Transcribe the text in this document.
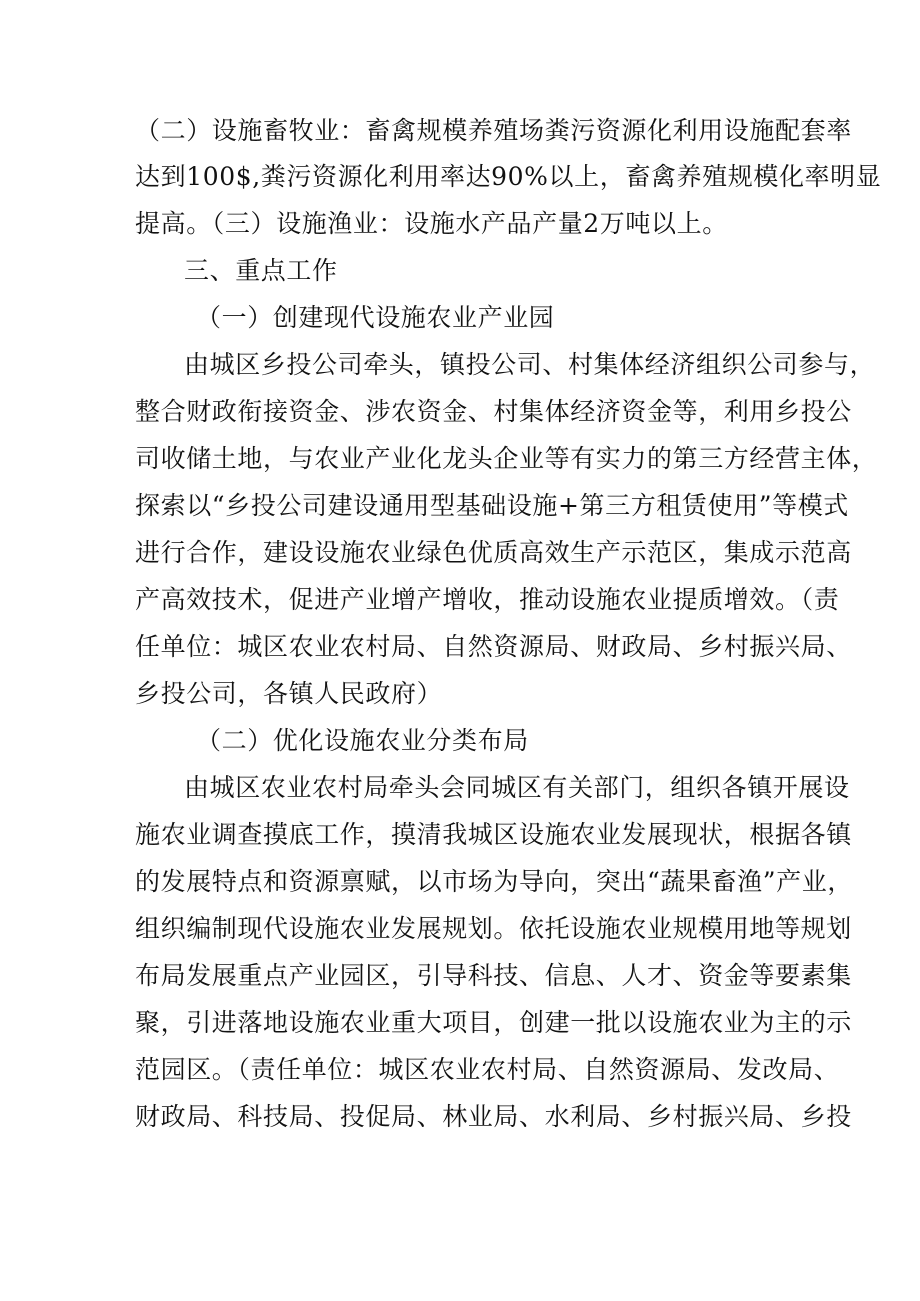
（二）设施畜牧业：畜禽规模养殖场粪污资源化利用设施配套率
达到100$,粪污资源化利用率达90%以上，畜禽养殖规模化率明显
提高。（三）设施渔业：设施水产品产量2万吨以上。
三、重点工作
（一）创建现代设施农业产业园
由城区乡投公司牵头，镇投公司、村集体经济组织公司参与，
整合财政衔接资金、涉农资金、村集体经济资金等，利用乡投公
司收储土地，与农业产业化龙头企业等有实力的第三方经营主体，
探索以“乡投公司建设通用型基础设施+第三方租赁使用”等模式
进行合作，建设设施农业绿色优质高效生产示范区，集成示范高
产高效技术，促进产业增产增收，推动设施农业提质增效。（责
任单位：城区农业农村局、自然资源局、财政局、乡村振兴局、
乡投公司，各镇人民政府）
（二）优化设施农业分类布局
由城区农业农村局牵头会同城区有关部门，组织各镇开展设
施农业调查摸底工作，摸清我城区设施农业发展现状，根据各镇
的发展特点和资源禀赋，以市场为导向，突出“蔬果畜渔”产业，
组织编制现代设施农业发展规划。依托设施农业规模用地等规划
布局发展重点产业园区，引导科技、信息、人才、资金等要素集
聚，引进落地设施农业重大项目，创建一批以设施农业为主的示
范园区。（责任单位：城区农业农村局、自然资源局、发改局、
财政局、科技局、投促局、林业局、水利局、乡村振兴局、乡投
